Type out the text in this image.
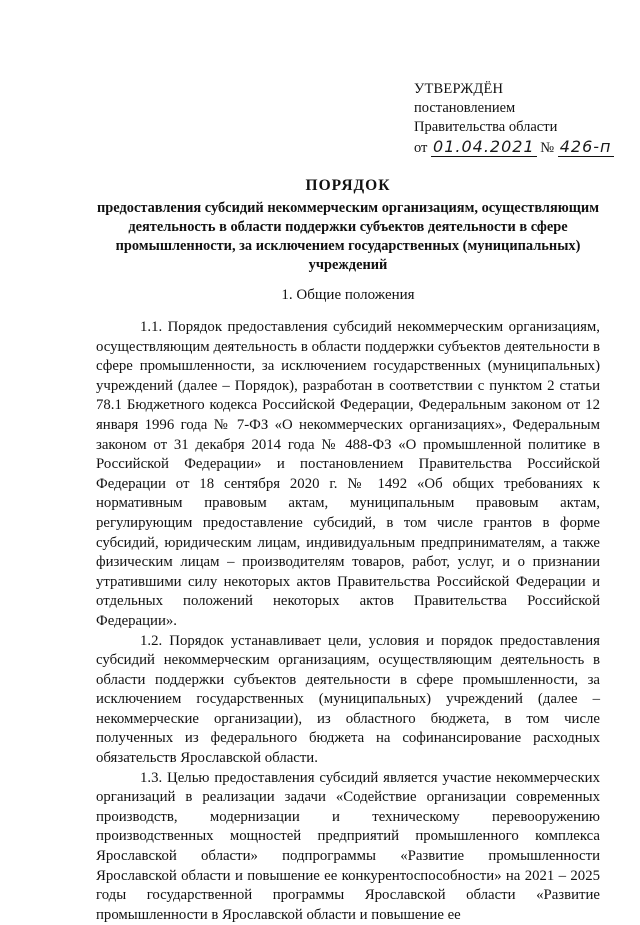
УТВЕРЖДЁН
постановлением
Правительства области
от 01.04.2021 № 426-п
ПОРЯДОК
предоставления субсидий некоммерческим организациям, осуществляющим деятельность в области поддержки субъектов деятельности в сфере промышленности, за исключением государственных (муниципальных) учреждений
1. Общие положения

1.1. Порядок предоставления субсидий некоммерческим организациям, осуществляющим деятельность в области поддержки субъектов деятельности в сфере промышленности, за исключением государственных (муниципальных) учреждений (далее – Порядок), разработан в соответствии с пунктом 2 статьи 78.1 Бюджетного кодекса Российской Федерации, Федеральным законом от 12 января 1996 года № 7-ФЗ «О некоммерческих организациях», Федеральным законом от 31 декабря 2014 года № 488-ФЗ «О промышленной политике в Российской Федерации» и постановлением Правительства Российской Федерации от 18 сентября 2020 г. № 1492 «Об общих требованиях к нормативным правовым актам, муниципальным правовым актам, регулирующим предоставление субсидий, в том числе грантов в форме субсидий, юридическим лицам, индивидуальным предпринимателям, а также физическим лицам – производителям товаров, работ, услуг, и о признании утратившими силу некоторых актов Правительства Российской Федерации и отдельных положений некоторых актов Правительства Российской Федерации».

1.2. Порядок устанавливает цели, условия и порядок предоставления субсидий некоммерческим организациям, осуществляющим деятельность в области поддержки субъектов деятельности в сфере промышленности, за исключением государственных (муниципальных) учреждений (далее – некоммерческие организации), из областного бюджета, в том числе полученных из федерального бюджета на софинансирование расходных обязательств Ярославской области.

1.3. Целью предоставления субсидий является участие некоммерческих организаций в реализации задачи «Содействие организации современных производств, модернизации и техническому перевооружению производственных мощностей предприятий промышленного комплекса Ярославской области» подпрограммы «Развитие промышленности Ярославской области и повышение ее конкурентоспособности» на 2021 – 2025 годы государственной программы Ярославской области «Развитие промышленности в Ярославской области и повышение ее
